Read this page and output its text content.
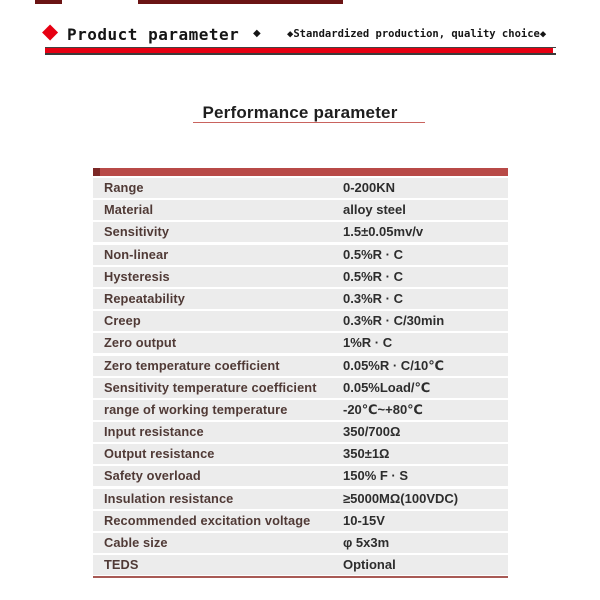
◆ Product parameter ◆	◆Standardized production, quality choice◆
Performance parameter
Range	0-200KN
Material	alloy steel
Sensitivity	1.5±0.05mv/v
Non-linear	0.5%R · C
Hysteresis	0.5%R · C
Repeatability	0.3%R · C
Creep	0.3%R · C/30min
Zero output	1%R · C
Zero temperature coefficient	0.05%R · C/10℃
Sensitivity temperature coefficient 0.05%Load/℃
range of working temperature	-20℃~+80℃
Input resistance	350/700Ω
Output resistance	350±1Ω
Safety overload	150% F · S
Insulation resistance	≥5000MΩ(100VDC)
Recommended excitation voltage	10-15V
Cable size	φ 5x3m
TEDS	Optional
